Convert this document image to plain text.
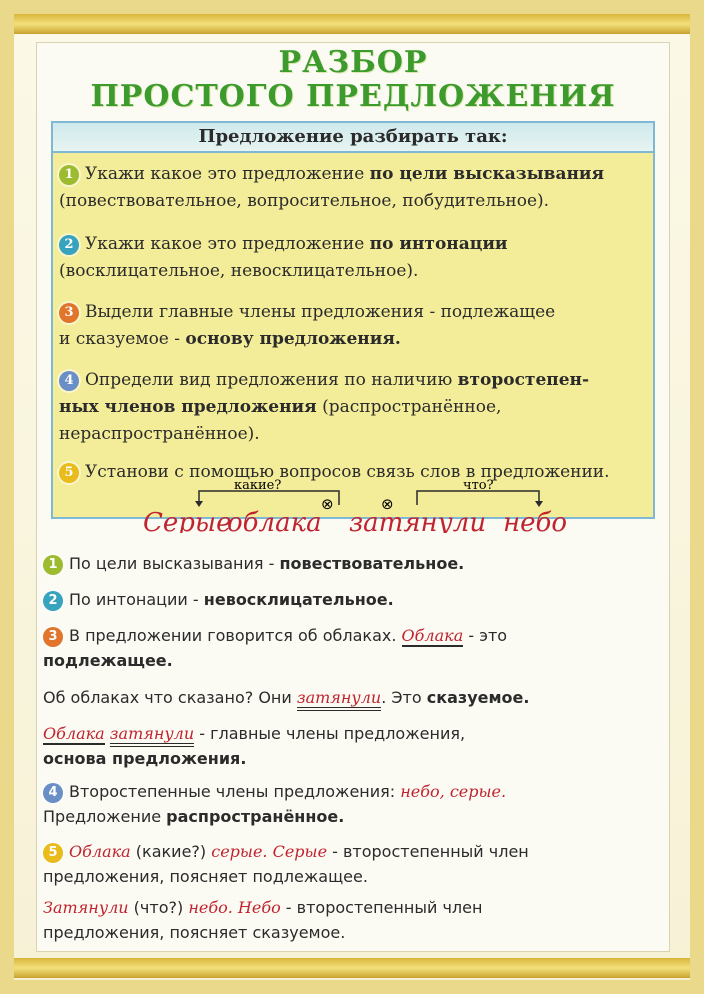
РАЗБОР
ПРОСТОГО ПРЕДЛОЖЕНИЯ
Предложение разбирать так:
1 Укажи какое это предложение по цели высказывания
(повествовательное, вопросительное, побудительное).
2 Укажи какое это предложение по интонации
(восклицательное, невосклицательное).
3 Выдели главные члены предложения - подлежащее
и сказуемое - основу предложения.
4 Определи вид предложения по наличию второстепен-
ных членов предложения (распространённое,
нераспространённое).
5 Установи с помощью вопросов связь слов в предложении.
какие?	что?
⊗	⊗
Серые
облака затянули небо
1 По цели высказывания - повествовательное.
2 По интонации - невосклицательное.
3 В предложении говорится об облаках. Облака - это
подлежащее.
Об облаках что сказано? Они затянули. Это сказуемое.
Облака затянули - главные члены предложения,
основа предложения.
4 Второстепенные члены предложения: небо, серые.
Предложение распространённое.
5 Облака (какие?) серые. Серые - второстепенный член
предложения, поясняет подлежащее.
Затянули (что?) небо. Небо - второстепенный член
предложения, поясняет сказуемое.
